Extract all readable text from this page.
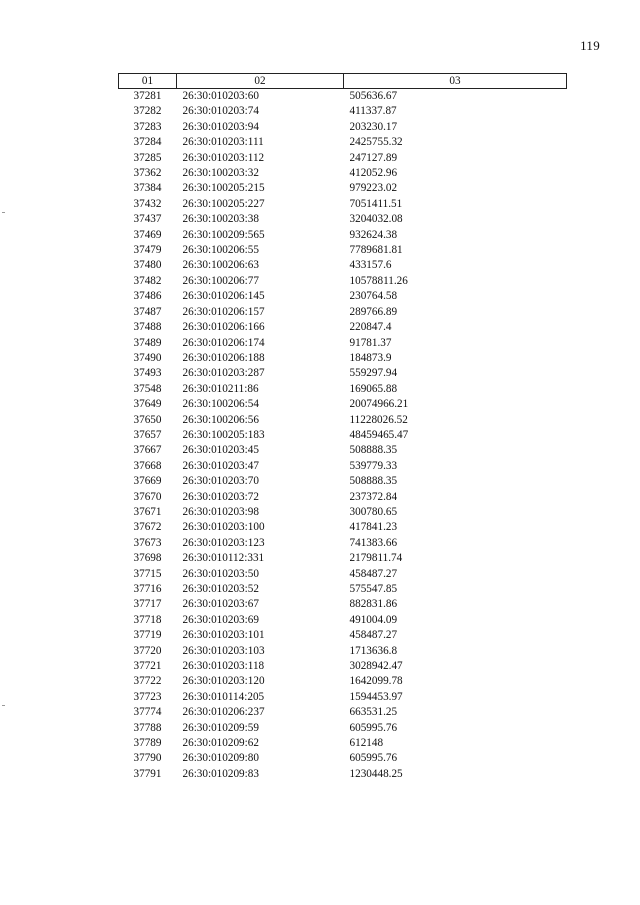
119
01	02	03
37281	26:30:010203:60	505636.67
37282	26:30:010203:74	411337.87
37283	26:30:010203:94	203230.17
37284	26:30:010203:111	2425755.32
37285	26:30:010203:112	247127.89
37362	26:30:100203:32	412052.96
37384	26:30:100205:215	979223.02
37432	26:30:100205:227	7051411.51
37437	26:30:100203:38	3204032.08
37469	26:30:100209:565	932624.38
37479	26:30:100206:55	7789681.81
37480	26:30:100206:63	433157.6
37482	26:30:100206:77	10578811.26
37486	26:30:010206:145	230764.58
37487	26:30:010206:157	289766.89
37488	26:30:010206:166	220847.4
37489	26:30:010206:174	91781.37
37490	26:30:010206:188	184873.9
37493	26:30:010203:287	559297.94
37548	26:30:010211:86	169065.88
37649	26:30:100206:54	20074966.21
37650	26:30:100206:56	11228026.52
37657	26:30:100205:183	48459465.47
37667	26:30:010203:45	508888.35
37668	26:30:010203:47	539779.33
37669	26:30:010203:70	508888.35
37670	26:30:010203:72	237372.84
37671	26:30:010203:98	300780.65
37672	26:30:010203:100	417841.23
37673	26:30:010203:123	741383.66
37698	26:30:010112:331	2179811.74
37715	26:30:010203:50	458487.27
37716	26:30:010203:52	575547.85
37717	26:30:010203:67	882831.86
37718	26:30:010203:69	491004.09
37719	26:30:010203:101	458487.27
37720	26:30:010203:103	1713636.8
37721	26:30:010203:118	3028942.47
37722	26:30:010203:120	1642099.78
37723	26:30:010114:205	1594453.97
37774	26:30:010206:237	663531.25
37788	26:30:010209:59	605995.76
37789	26:30:010209:62	612148
37790	26:30:010209:80	605995.76
37791	26:30:010209:83	1230448.25
